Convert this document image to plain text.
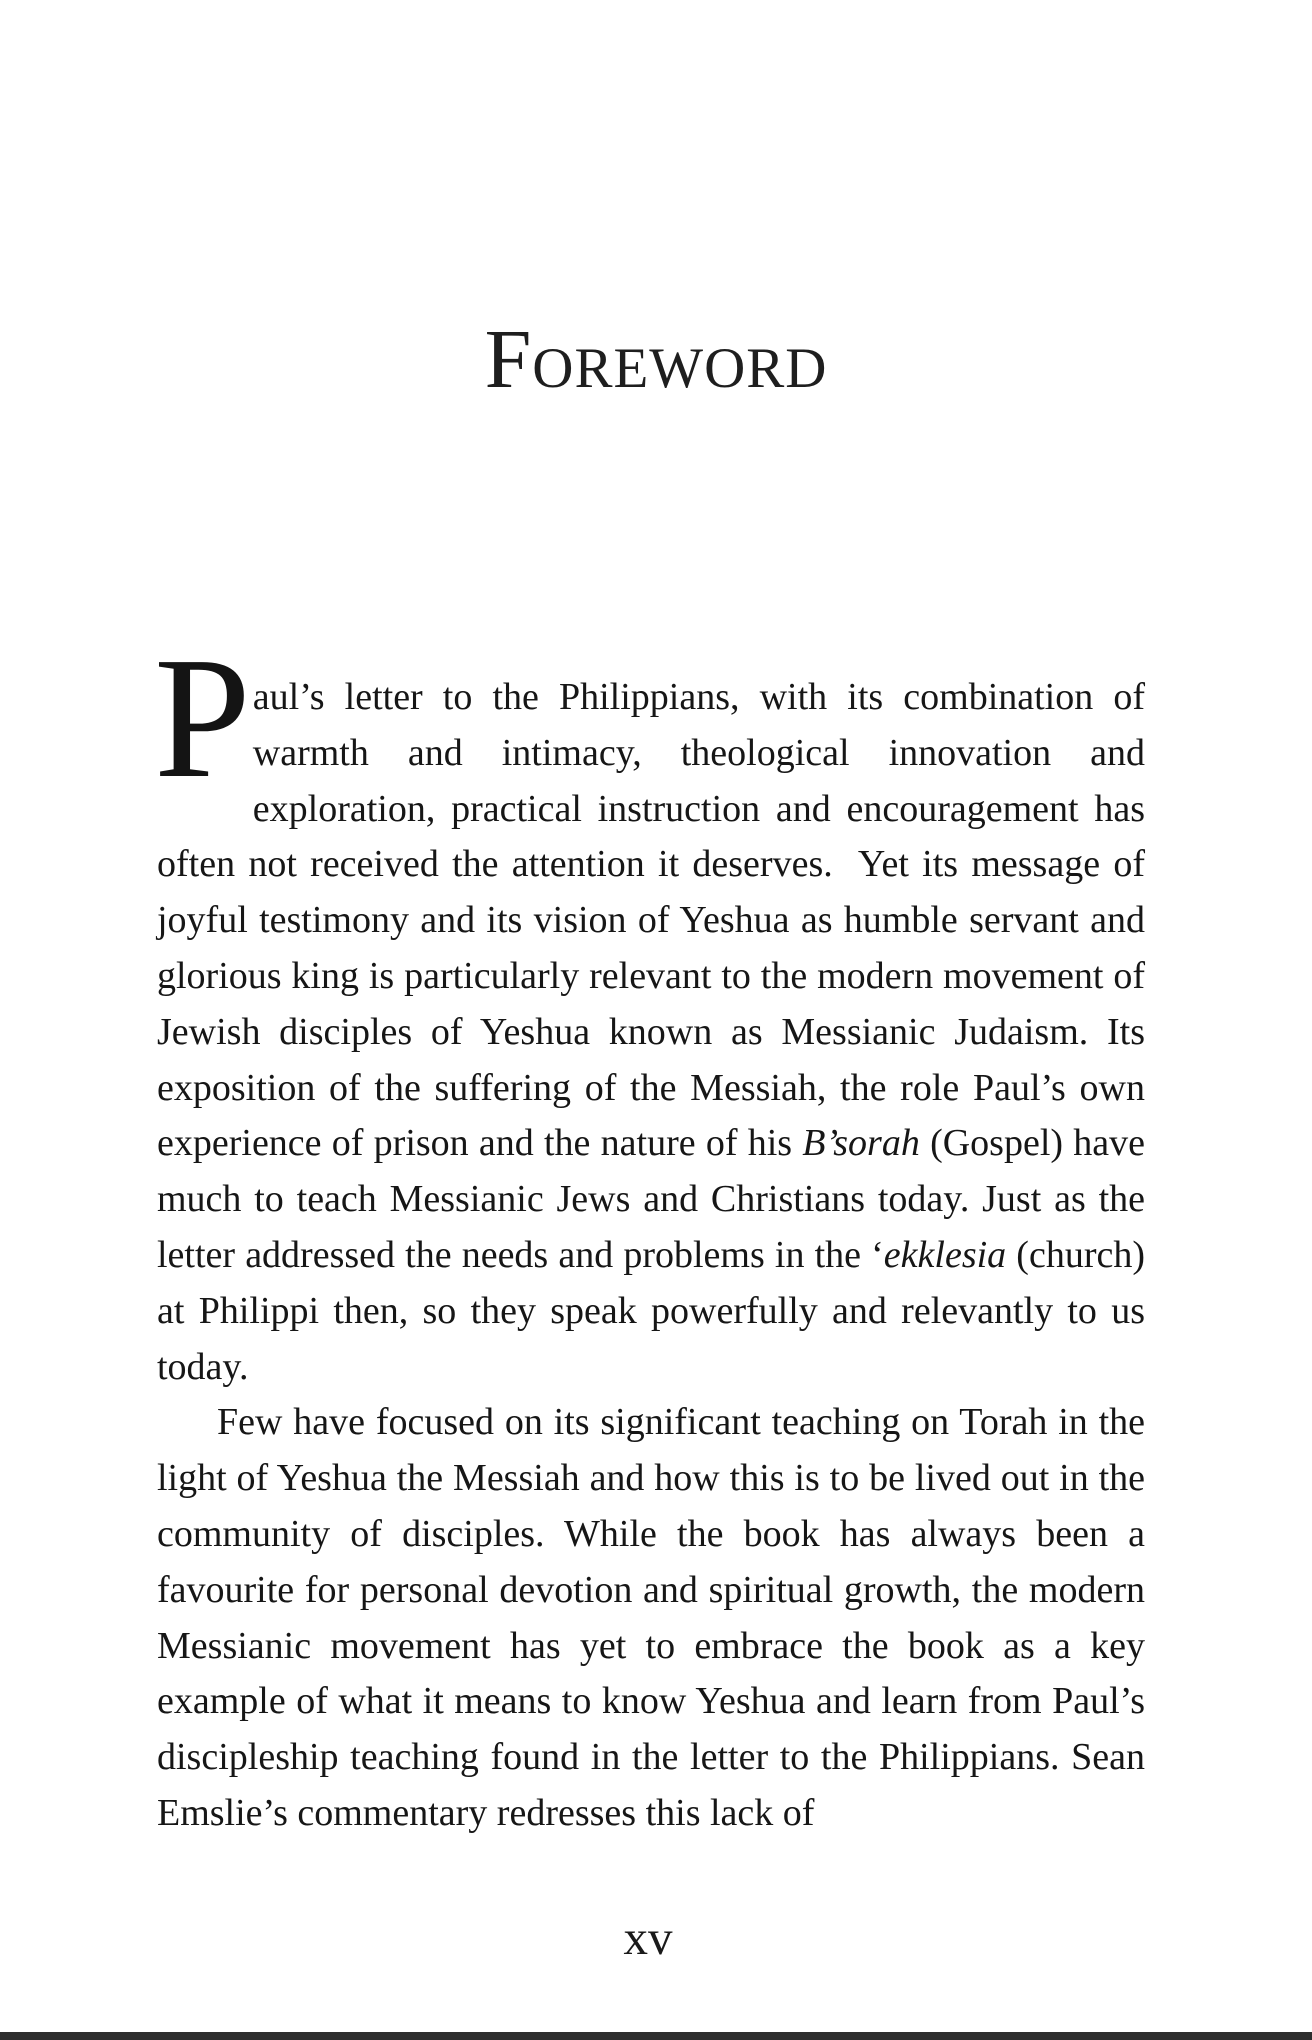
FOREWORD

Paul’s letter to the Philippians, with its combination of warmth and intimacy, theological innovation and exploration, practical instruction and encouragement has often not received the attention it deserves.  Yet its message of joyful testimony and its vision of Yeshua as humble servant and glorious king is particularly relevant to the modern movement of Jewish disciples of Yeshua known as Messianic Judaism. Its exposition of the suffering of the Messiah, the role Paul’s own experience of prison and the nature of his B’sorah (Gospel) have much to teach Messianic Jews and Christians today. Just as the letter addressed the needs and problems in the ‘ekklesia (church) at Philippi then, so they speak powerfully and relevantly to us today.

Few have focused on its significant teaching on Torah in the light of Yeshua the Messiah and how this is to be lived out in the community of disciples. While the book has always been a favourite for personal devotion and spiritual growth, the modern Messianic movement has yet to embrace the book as a key example of what it means to know Yeshua and learn from Paul’s discipleship teaching found in the letter to the Philippians. Sean Emslie’s commentary redresses this lack of

xv
